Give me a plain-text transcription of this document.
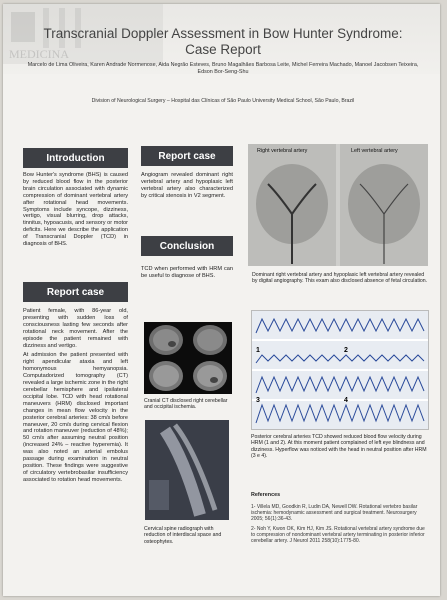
MEDICINA
Transcranial Doppler Assessment in Bow Hunter Syndrome: Case Report
Marcelo de Lima Oliveira, Karen Andrade Normenose, Aida Negrão Esteves, Bruno Magalhães Barbosa Leite, Michel Ferreira Machado, Manoel Jacobsen Teixeira, Edson Bor-Seng-Shu
Division of Neurological Surgery – Hospital das Clínicas of São Paulo University Medical School, São Paulo, Brazil
Introduction
Bow Hunter's syndrome (BHS) is caused by reduced blood flow in the posterior brain circulation associated with dynamic compression of dominant vertebral artery after rotational head movements. Symptoms include syncope, dizziness, vertigo, visual blurring, drop attacks, tinnitus, hypoacusis, and sensory or motor deficits. Here we describe the application of Transcranial Doppler (TCD) in diagnosis of BHS.
Report case

Patient female, with 86-year old, presenting with sudden loss of consciousness lasting few seconds after rotational neck movement. After the episode the patient remained with dizziness and vertigo.

At admission the patient presented with right apendicular ataxia and left homonymous hemyanopsia. Computadorized tomography (CT) revealed a large ischemic zone in the right cerebellar hemisphere and ipsilateral occipital lobe. TCD with head rotational maneuvers (HRM) disclosed important changes in mean flow velocity in the posterior cerebral arteries: 38 cm/s before maneuver, 20 cm/s during cervical flexion and rotation maneuver (reduction of 48%); 50 cm/s after assuming neutral position (increased 24% – reactive hyperemia). It was also noted an arterial embolus passage during examination in neutral position. These findings were suggestive of circulatory vertebrobasilar insufficiency associated to rotation head movements.

Report case
Angiogram revealed dominant right vertebral artery and hypoplasic left vertebral artery also characterized by critical stenosis in V2 segment.
Conclusion
TCD when performed with HRM can be useful to diagnose of BHS.
Cranial CT disclosed right cerebellar and occipital ischemia.
Cervical spine radiograph with reduction of interdiscal space and osteophytes.
Right vertebral artery	Left vertebral artery
Dominant right vertebral artery and hypoplasic left vertebral artery revealed by digital angiography. This exam also disclosed absence of fetal circulation.
1	2
3	4
Posterior cerebral arteries TCD showed reduced blood flow velocity during HRM (1 and 2). At this moment patient complained of left eye blindness and dizziness. Hyperflow was noticed with the head in neutral position after HRM (3 e 4).
References
1- Villela MD, Goodkin R, Ludin DA, Newell DW. Rotational vertebro basilar ischemia: hemodynamic assessment and surgical treatment. Neurosurgery 2005; 56(1):36-43.
2- Noh Y, Kwon OK, Kim HJ, Kim JS. Rotational vertebral artery syndrome due to compression of nondominant vertebral artery terminating in posterior inferior cerebellar artery. J Neurol 2011 258(10):1775-80.
